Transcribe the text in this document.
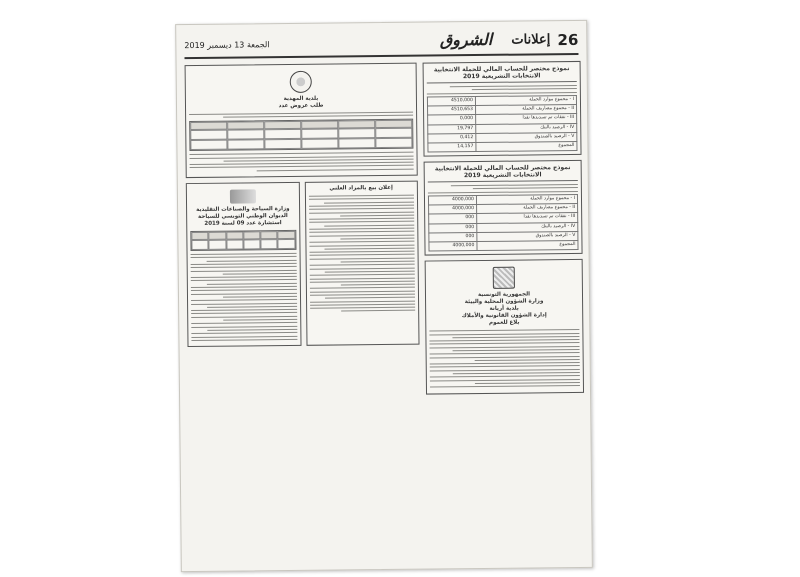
26
إعلانات
الشروق
الجمعة 13 ديسمبر 2019
نموذج مختصر للحساب المالي للحملة الانتخابية
الانتخابات التشريعية 2019
I - مجموع موارد الحملة	4510,000
II - مجموع مصاريف الحملة	4510,653
III - نفقات تم تسديدها نقدا	0,000
IV - الرصيد بالبنك	19,797
V - الرصيد بالصندوق	0,412
المجموع	14,157
نموذج مختصر للحساب المالي للحملة الانتخابية
الانتخابات التشريعية 2019
I - مجموع موارد الحملة	4000,000
II - مجموع مصاريف الحملة	4000,000
III - نفقات تم تسديدها نقدا	000
IV - الرصيد بالبنك	000
V - الرصيد بالصندوق	000
المجموع	4000,000
الجمهورية التونسية
وزارة الشؤون المحلية والبيئة
بلدية أريانة
إدارة الشؤون القانونية والأملاك
بلاغ للعموم
بلدية المهدية
طلب عروض عدد
إعلان بيع بالمزاد العلني
وزارة السياحة والصناعات التقليدية
الديوان الوطني التونسي للسياحة
استشارة عدد 09 لسنة 2019
